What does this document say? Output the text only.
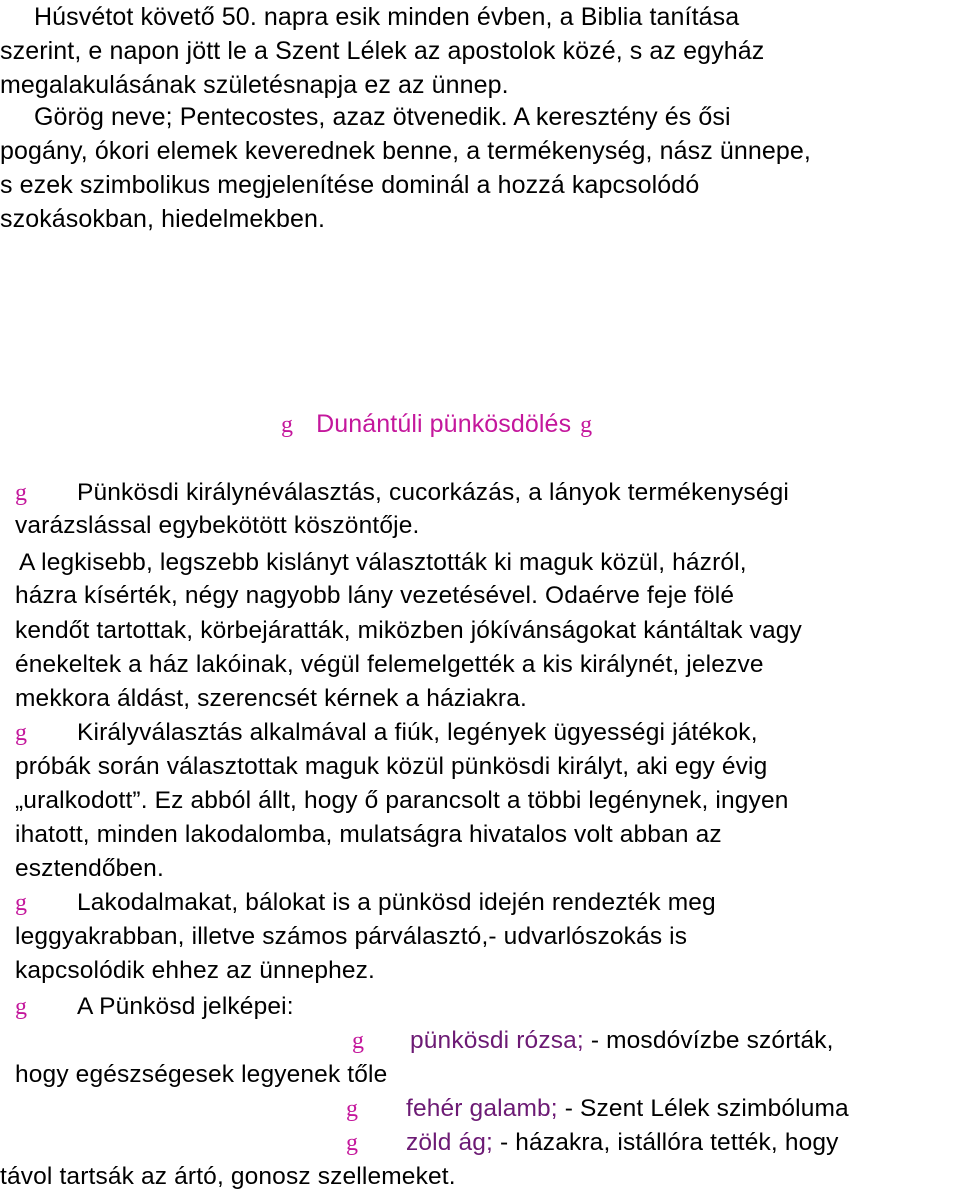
Húsvétot követő 50. napra esik minden évben, a Biblia tanítása
szerint, e napon jött le a Szent Lélek az apostolok közé, s az egyház
megalakulásának születésnapja ez az ünnep.
Görög neve; Pentecostes, azaz ötvenedik. A keresztény és ősi
pogány, ókori elemek keverednek benne, a termékenység, nász ünnepe,
s ezek szimbolikus megjelenítése dominál a hozzá kapcsolódó
szokásokban, hiedelmekben.
g Dunántúli pünkösdölés g
g Pünkösdi királynéválasztás, cucorkázás, a lányok termékenységi
varázslással egybekötött köszöntője.
A legkisebb, legszebb kislányt választották ki maguk közül, házról,
házra kísérték, négy nagyobb lány vezetésével. Odaérve feje fölé
kendőt tartottak, körbejáratták, miközben jókívánságokat kántáltak vagy
énekeltek a ház lakóinak, végül felemelgették a kis királynét, jelezve
mekkora áldást, szerencsét kérnek a háziakra.
g Királyválasztás alkalmával a fiúk, legények ügyességi játékok,
próbák során választottak maguk közül pünkösdi királyt, aki egy évig
„uralkodott”. Ez abból állt, hogy ő parancsolt a többi legénynek, ingyen
ihatott, minden lakodalomba, mulatságra hivatalos volt abban az
esztendőben.
g Lakodalmakat, bálokat is a pünkösd idején rendezték meg
leggyakrabban, illetve számos párválasztó,- udvarlószokás is
kapcsolódik ehhez az ünnephez.
g A Pünkösd jelképei:
g pünkösdi rózsa; - mosdóvízbe szórták,
hogy egészségesek legyenek tőle
g fehér galamb; - Szent Lélek szimbóluma
g zöld ág; - házakra, istállóra tették, hogy
távol tartsák az ártó, gonosz szellemeket.
